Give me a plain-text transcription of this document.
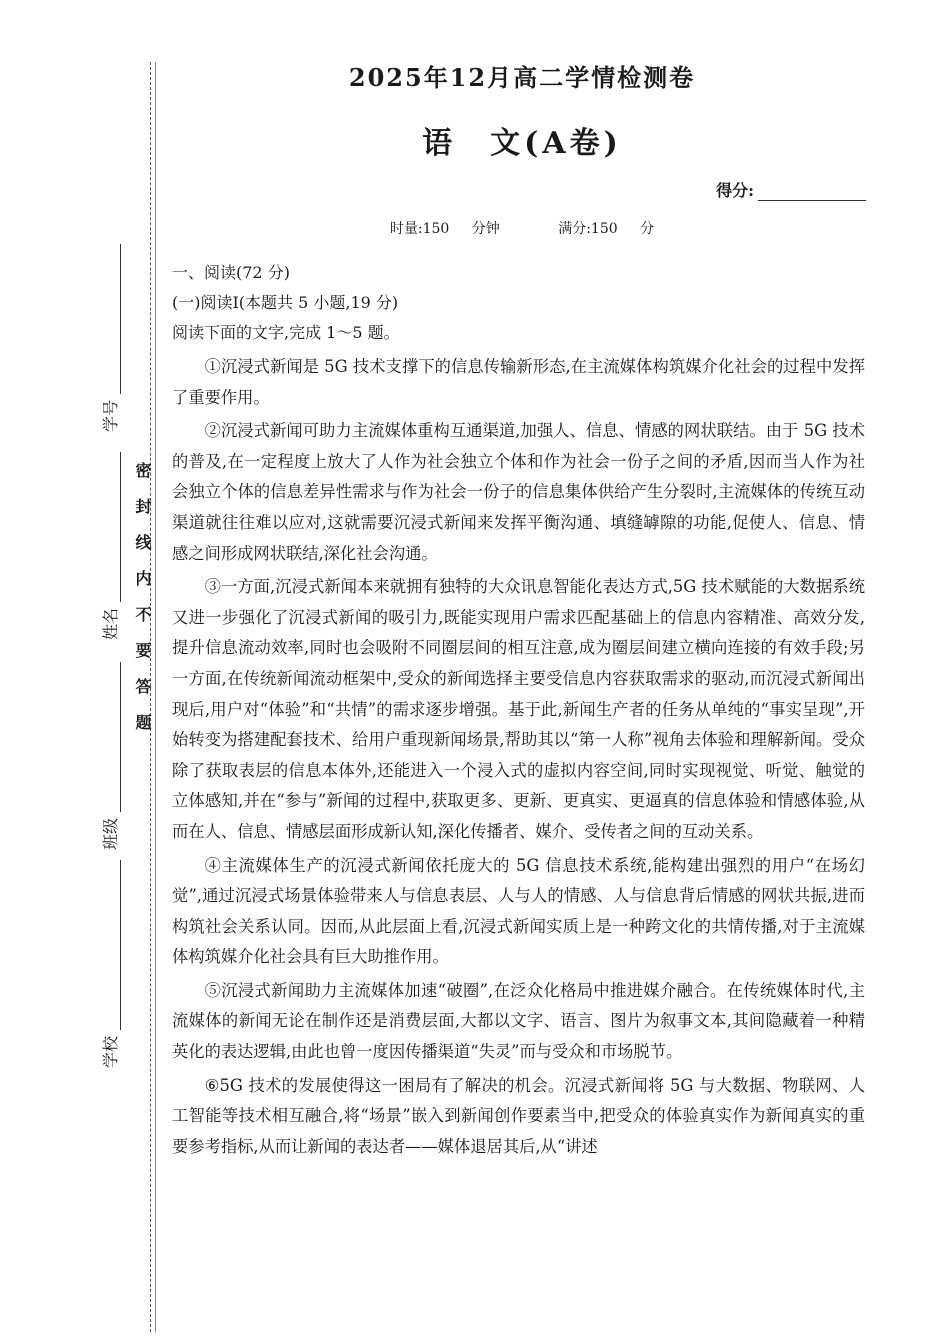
学号
姓名
班级
学校
密封线内不要答题
2025年12月高二学情检测卷
语　文(A卷)
得分:
时量:150 分钟	满分:150 分
一、阅读(72 分)
(一)阅读Ⅰ(本题共 5 小题,19 分)
阅读下面的文字,完成 1～5 题。

①沉浸式新闻是 5G 技术支撑下的信息传输新形态,在主流媒体构筑媒介化社会的过程中发挥了重要作用。

②沉浸式新闻可助力主流媒体重构互通渠道,加强人、信息、情感的网状联结。由于 5G 技术的普及,在一定程度上放大了人作为社会独立个体和作为社会一份子之间的矛盾,因而当人作为社会独立个体的信息差异性需求与作为社会一份子的信息集体供给产生分裂时,主流媒体的传统互动渠道就往往难以应对,这就需要沉浸式新闻来发挥平衡沟通、填缝罅隙的功能,促使人、信息、情感之间形成网状联结,深化社会沟通。

③一方面,沉浸式新闻本来就拥有独特的大众讯息智能化表达方式,5G 技术赋能的大数据系统又进一步强化了沉浸式新闻的吸引力,既能实现用户需求匹配基础上的信息内容精准、高效分发,提升信息流动效率,同时也会吸附不同圈层间的相互注意,成为圈层间建立横向连接的有效手段;另一方面,在传统新闻流动框架中,受众的新闻选择主要受信息内容获取需求的驱动,而沉浸式新闻出现后,用户对“体验”和“共情”的需求逐步增强。基于此,新闻生产者的任务从单纯的“事实呈现”,开始转变为搭建配套技术、给用户重现新闻场景,帮助其以“第一人称”视角去体验和理解新闻。受众除了获取表层的信息本体外,还能进入一个浸入式的虚拟内容空间,同时实现视觉、听觉、触觉的立体感知,并在“参与”新闻的过程中,获取更多、更新、更真实、更逼真的信息体验和情感体验,从而在人、信息、情感层面形成新认知,深化传播者、媒介、受传者之间的互动关系。

④主流媒体生产的沉浸式新闻依托庞大的 5G 信息技术系统,能构建出强烈的用户“在场幻觉”,通过沉浸式场景体验带来人与信息表层、人与人的情感、人与信息背后情感的网状共振,进而构筑社会关系认同。因而,从此层面上看,沉浸式新闻实质上是一种跨文化的共情传播,对于主流媒体构筑媒介化社会具有巨大助推作用。

⑤沉浸式新闻助力主流媒体加速“破圈”,在泛众化格局中推进媒介融合。在传统媒体时代,主流媒体的新闻无论在制作还是消费层面,大都以文字、语言、图片为叙事文本,其间隐藏着一种精英化的表达逻辑,由此也曾一度因传播渠道“失灵”而与受众和市场脱节。

⑥5G 技术的发展使得这一困局有了解决的机会。沉浸式新闻将 5G 与大数据、物联网、人工智能等技术相互融合,将“场景”嵌入到新闻创作要素当中,把受众的体验真实作为新闻真实的重要参考指标,从而让新闻的表达者——媒体退居其后,从“讲述
